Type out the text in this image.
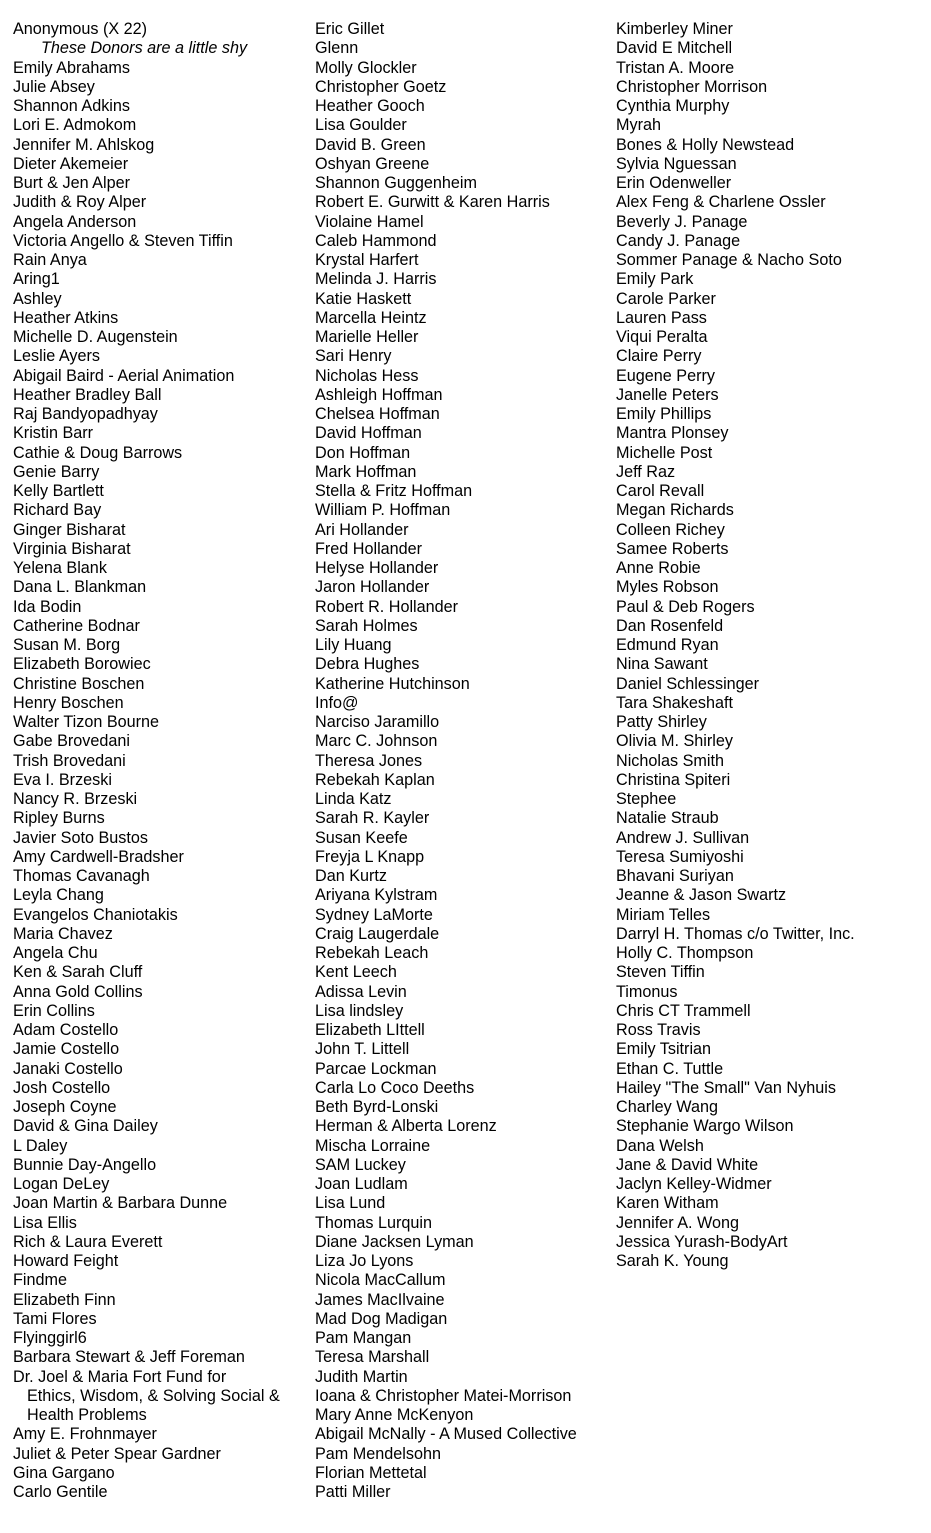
Anonymous (X 22)
These Donors are a little shy
Emily Abrahams
Julie Absey
Shannon Adkins
Lori E. Admokom
Jennifer M. Ahlskog
Dieter Akemeier
Burt & Jen Alper
Judith & Roy Alper
Angela Anderson
Victoria Angello & Steven Tiffin
Rain Anya
Aring1
Ashley
Heather Atkins
Michelle D. Augenstein
Leslie Ayers
Abigail Baird - Aerial Animation
Heather Bradley Ball
Raj Bandyopadhyay
Kristin Barr
Cathie & Doug Barrows
Genie Barry
Kelly Bartlett
Richard Bay
Ginger Bisharat
Virginia Bisharat
Yelena Blank
Dana L. Blankman
Ida Bodin
Catherine Bodnar
Susan M. Borg
Elizabeth Borowiec
Christine Boschen
Henry Boschen
Walter Tizon Bourne
Gabe Brovedani
Trish Brovedani
Eva I. Brzeski
Nancy R. Brzeski
Ripley Burns
Javier Soto Bustos
Amy Cardwell-Bradsher
Thomas Cavanagh
Leyla Chang
Evangelos Chaniotakis
Maria Chavez
Angela Chu
Ken & Sarah Cluff
Anna Gold Collins
Erin Collins
Adam Costello
Jamie Costello
Janaki Costello
Josh Costello
Joseph Coyne
David & Gina Dailey
L Daley
Bunnie Day-Angello
Logan DeLey
Joan Martin & Barbara Dunne
Lisa Ellis
Rich & Laura Everett
Howard Feight
Findme
Elizabeth Finn
Tami Flores
Flyinggirl6
Barbara Stewart & Jeff Foreman
Dr. Joel & Maria Fort Fund for
Ethics, Wisdom, & Solving Social &
Health Problems
Amy E. Frohnmayer
Juliet & Peter Spear Gardner
Gina Gargano
Carlo Gentile
Eric Gillet
Glenn
Molly Glockler
Christopher Goetz
Heather Gooch
Lisa Goulder
David B. Green
Oshyan Greene
Shannon Guggenheim
Robert E. Gurwitt & Karen Harris
Violaine Hamel
Caleb Hammond
Krystal Harfert
Melinda J. Harris
Katie Haskett
Marcella Heintz
Marielle Heller
Sari Henry
Nicholas Hess
Ashleigh Hoffman
Chelsea Hoffman
David Hoffman
Don Hoffman
Mark Hoffman
Stella & Fritz Hoffman
William P. Hoffman
Ari Hollander
Fred Hollander
Helyse Hollander
Jaron Hollander
Robert R. Hollander
Sarah Holmes
Lily Huang
Debra Hughes
Katherine Hutchinson
Info@
Narciso Jaramillo
Marc C. Johnson
Theresa Jones
Rebekah Kaplan
Linda Katz
Sarah R. Kayler
Susan Keefe
Freyja L Knapp
Dan Kurtz
Ariyana Kylstram
Sydney LaMorte
Craig Laugerdale
Rebekah Leach
Kent Leech
Adissa Levin
Lisa lindsley
Elizabeth LIttell
John T. Littell
Parcae Lockman
Carla Lo Coco Deeths
Beth Byrd-Lonski
Herman & Alberta Lorenz
Mischa Lorraine
SAM Luckey
Joan Ludlam
Lisa Lund
Thomas Lurquin
Diane Jacksen Lyman
Liza Jo Lyons
Nicola MacCallum
James MacIlvaine
Mad Dog Madigan
Pam Mangan
Teresa Marshall
Judith Martin
Ioana & Christopher Matei-Morrison
Mary Anne McKenyon
Abigail McNally - A Mused Collective
Pam Mendelsohn
Florian Mettetal
Patti Miller
Kimberley Miner
David E Mitchell
Tristan A. Moore
Christopher Morrison
Cynthia Murphy
Myrah
Bones & Holly Newstead
Sylvia Nguessan
Erin Odenweller
Alex Feng & Charlene Ossler
Beverly J. Panage
Candy J. Panage
Sommer Panage & Nacho Soto
Emily Park
Carole Parker
Lauren Pass
Viqui Peralta
Claire Perry
Eugene Perry
Janelle Peters
Emily Phillips
Mantra Plonsey
Michelle Post
Jeff Raz
Carol Revall
Megan Richards
Colleen Richey
Samee Roberts
Anne Robie
Myles Robson
Paul & Deb Rogers
Dan Rosenfeld
Edmund Ryan
Nina Sawant
Daniel Schlessinger
Tara Shakeshaft
Patty Shirley
Olivia M. Shirley
Nicholas Smith
Christina Spiteri
Stephee
Natalie Straub
Andrew J. Sullivan
Teresa Sumiyoshi
Bhavani Suriyan
Jeanne & Jason Swartz
Miriam Telles
Darryl H. Thomas c/o Twitter, Inc.
Holly C. Thompson
Steven Tiffin
Timonus
Chris CT Trammell
Ross Travis
Emily Tsitrian
Ethan C. Tuttle
Hailey "The Small" Van Nyhuis
Charley Wang
Stephanie Wargo Wilson
Dana Welsh
Jane & David White
Jaclyn Kelley-Widmer
Karen Witham
Jennifer A. Wong
Jessica Yurash-BodyArt
Sarah K. Young
